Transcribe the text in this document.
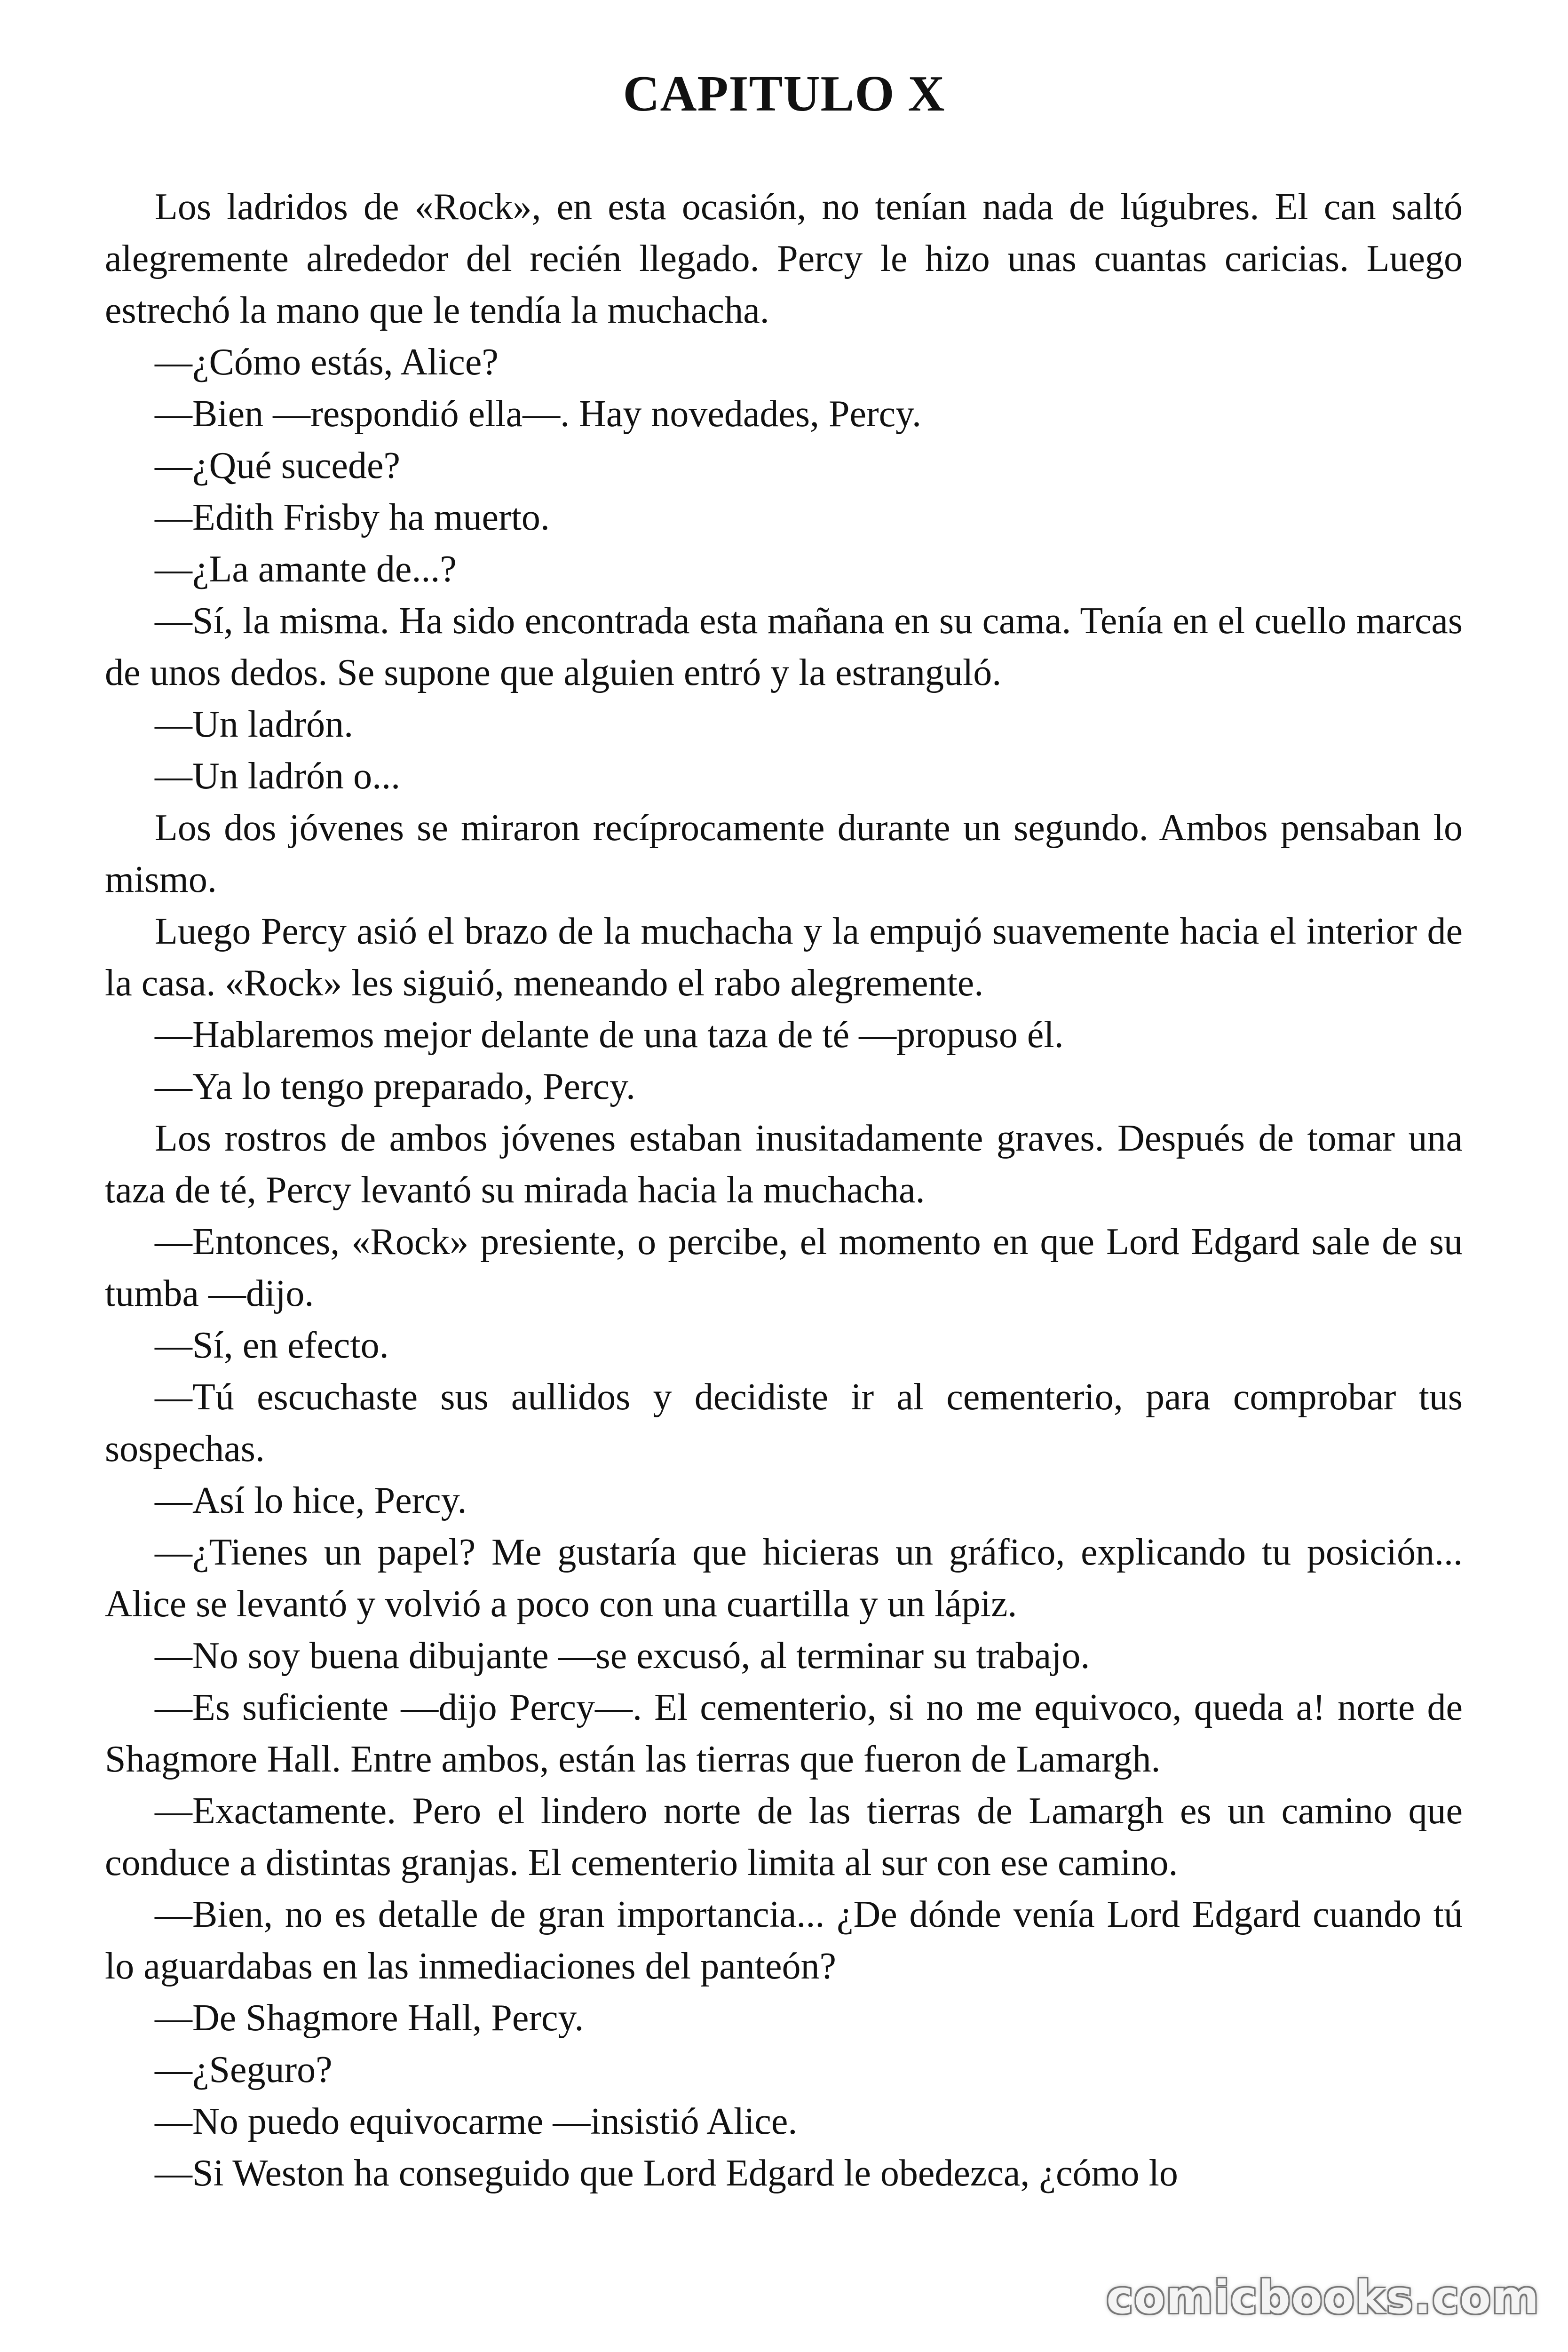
CAPITULO X

Los ladridos de «Rock», en esta ocasión, no tenían nada de lúgubres. El can saltó alegremente alrededor del recién llegado. Percy le hizo unas cuantas caricias. Luego estrechó la mano que le tendía la muchacha.

—¿Cómo estás, Alice?

—Bien —respondió ella—. Hay novedades, Percy.

—¿Qué sucede?

—Edith Frisby ha muerto.

—¿La amante de...?

—Sí, la misma. Ha sido encontrada esta mañana en su cama. Tenía en el cuello marcas de unos dedos. Se supone que alguien entró y la estranguló.

—Un ladrón.

—Un ladrón o...

Los dos jóvenes se miraron recíprocamente durante un segundo. Ambos pensaban lo mismo.

Luego Percy asió el brazo de la muchacha y la empujó suavemente hacia el interior de la casa. «Rock» les siguió, meneando el rabo alegremente.

—Hablaremos mejor delante de una taza de té —propuso él.

—Ya lo tengo preparado, Percy.

Los rostros de ambos jóvenes estaban inusitadamente graves. Después de tomar una taza de té, Percy levantó su mirada hacia la muchacha.

—Entonces, «Rock» presiente, o percibe, el momento en que Lord Edgard sale de su tumba —dijo.

—Sí, en efecto.

—Tú escuchaste sus aullidos y decidiste ir al cementerio, para comprobar tus sospechas.

—Así lo hice, Percy.

—¿Tienes un papel? Me gustaría que hicieras un gráfico, explicando tu posición... Alice se levantó y volvió a poco con una cuartilla y un lápiz.

—No soy buena dibujante —se excusó, al terminar su trabajo.

—Es suficiente —dijo Percy—. El cementerio, si no me equivoco, queda a! norte de Shagmore Hall. Entre ambos, están las tierras que fueron de Lamargh.

—Exactamente. Pero el lindero norte de las tierras de Lamargh es un camino que conduce a distintas granjas. El cementerio limita al sur con ese camino.

—Bien, no es detalle de gran importancia... ¿De dónde venía Lord Edgard cuando tú lo aguardabas en las inmediaciones del panteón?

—De Shagmore Hall, Percy.

—¿Seguro?

—No puedo equivocarme —insistió Alice.

—Si Weston ha conseguido que Lord Edgard le obedezca, ¿cómo lo

comicbooks.com
